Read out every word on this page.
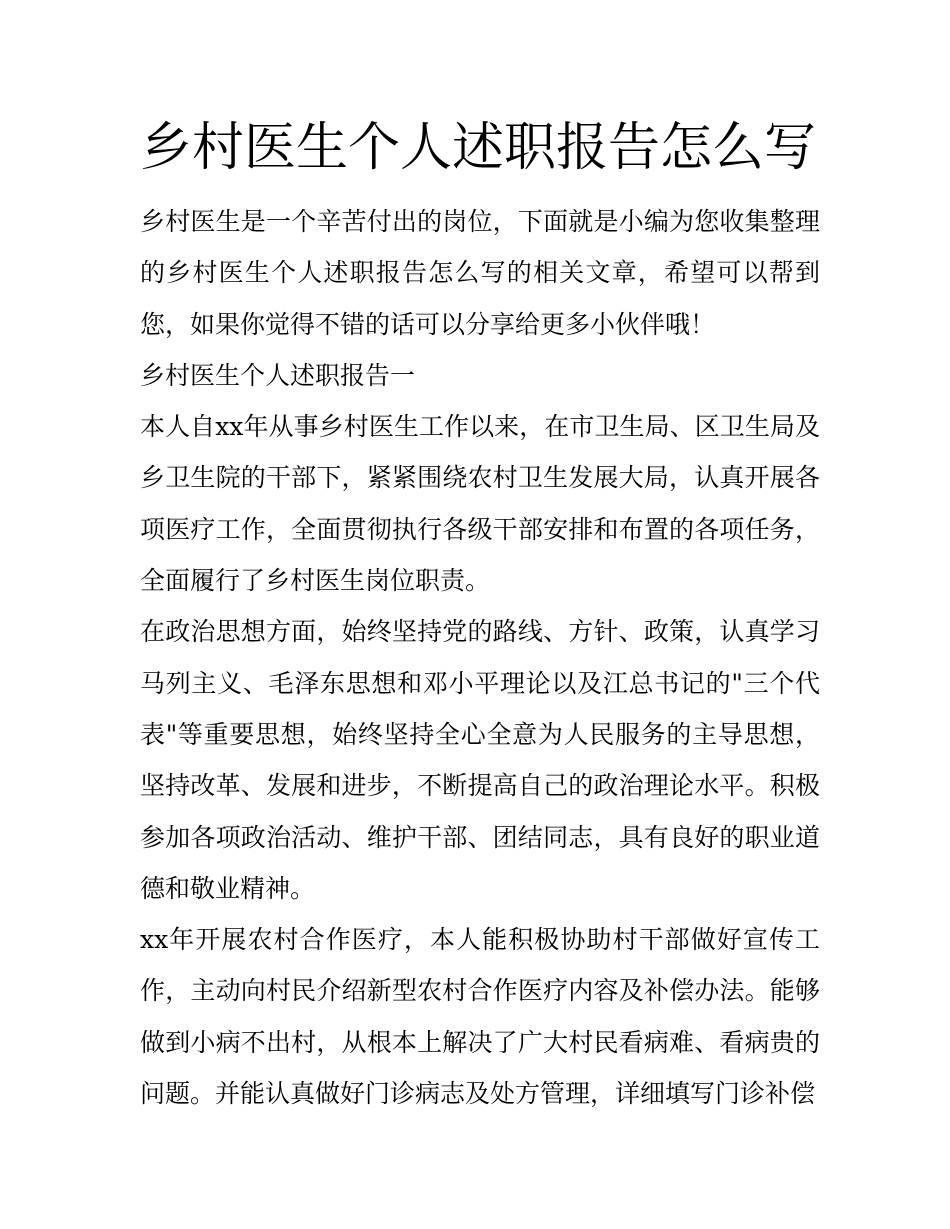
乡村医生个人述职报告怎么写

乡村医生是一个辛苦付出的岗位，下面就是小编为您收集整理的乡村医生个人述职报告怎么写的相关文章，希望可以帮到您，如果你觉得不错的话可以分享给更多小伙伴哦！

乡村医生个人述职报告一

本人自xx年从事乡村医生工作以来，在市卫生局、区卫生局及乡卫生院的干部下，紧紧围绕农村卫生发展大局，认真开展各项医疗工作，全面贯彻执行各级干部安排和布置的各项任务，全面履行了乡村医生岗位职责。

在政治思想方面，始终坚持党的路线、方针、政策，认真学习马列主义、毛泽东思想和邓小平理论以及江总书记的"三个代表"等重要思想，始终坚持全心全意为人民服务的主导思想，坚持改革、发展和进步，不断提高自己的政治理论水平。积极参加各项政治活动、维护干部、团结同志，具有良好的职业道德和敬业精神。

xx年开展农村合作医疗，本人能积极协助村干部做好宣传工作，主动向村民介绍新型农村合作医疗内容及补偿办法。能够做到小病不出村，从根本上解决了广大村民看病难、看病贵的问题。并能认真做好门诊病志及处方管理，详细填写门诊补偿
